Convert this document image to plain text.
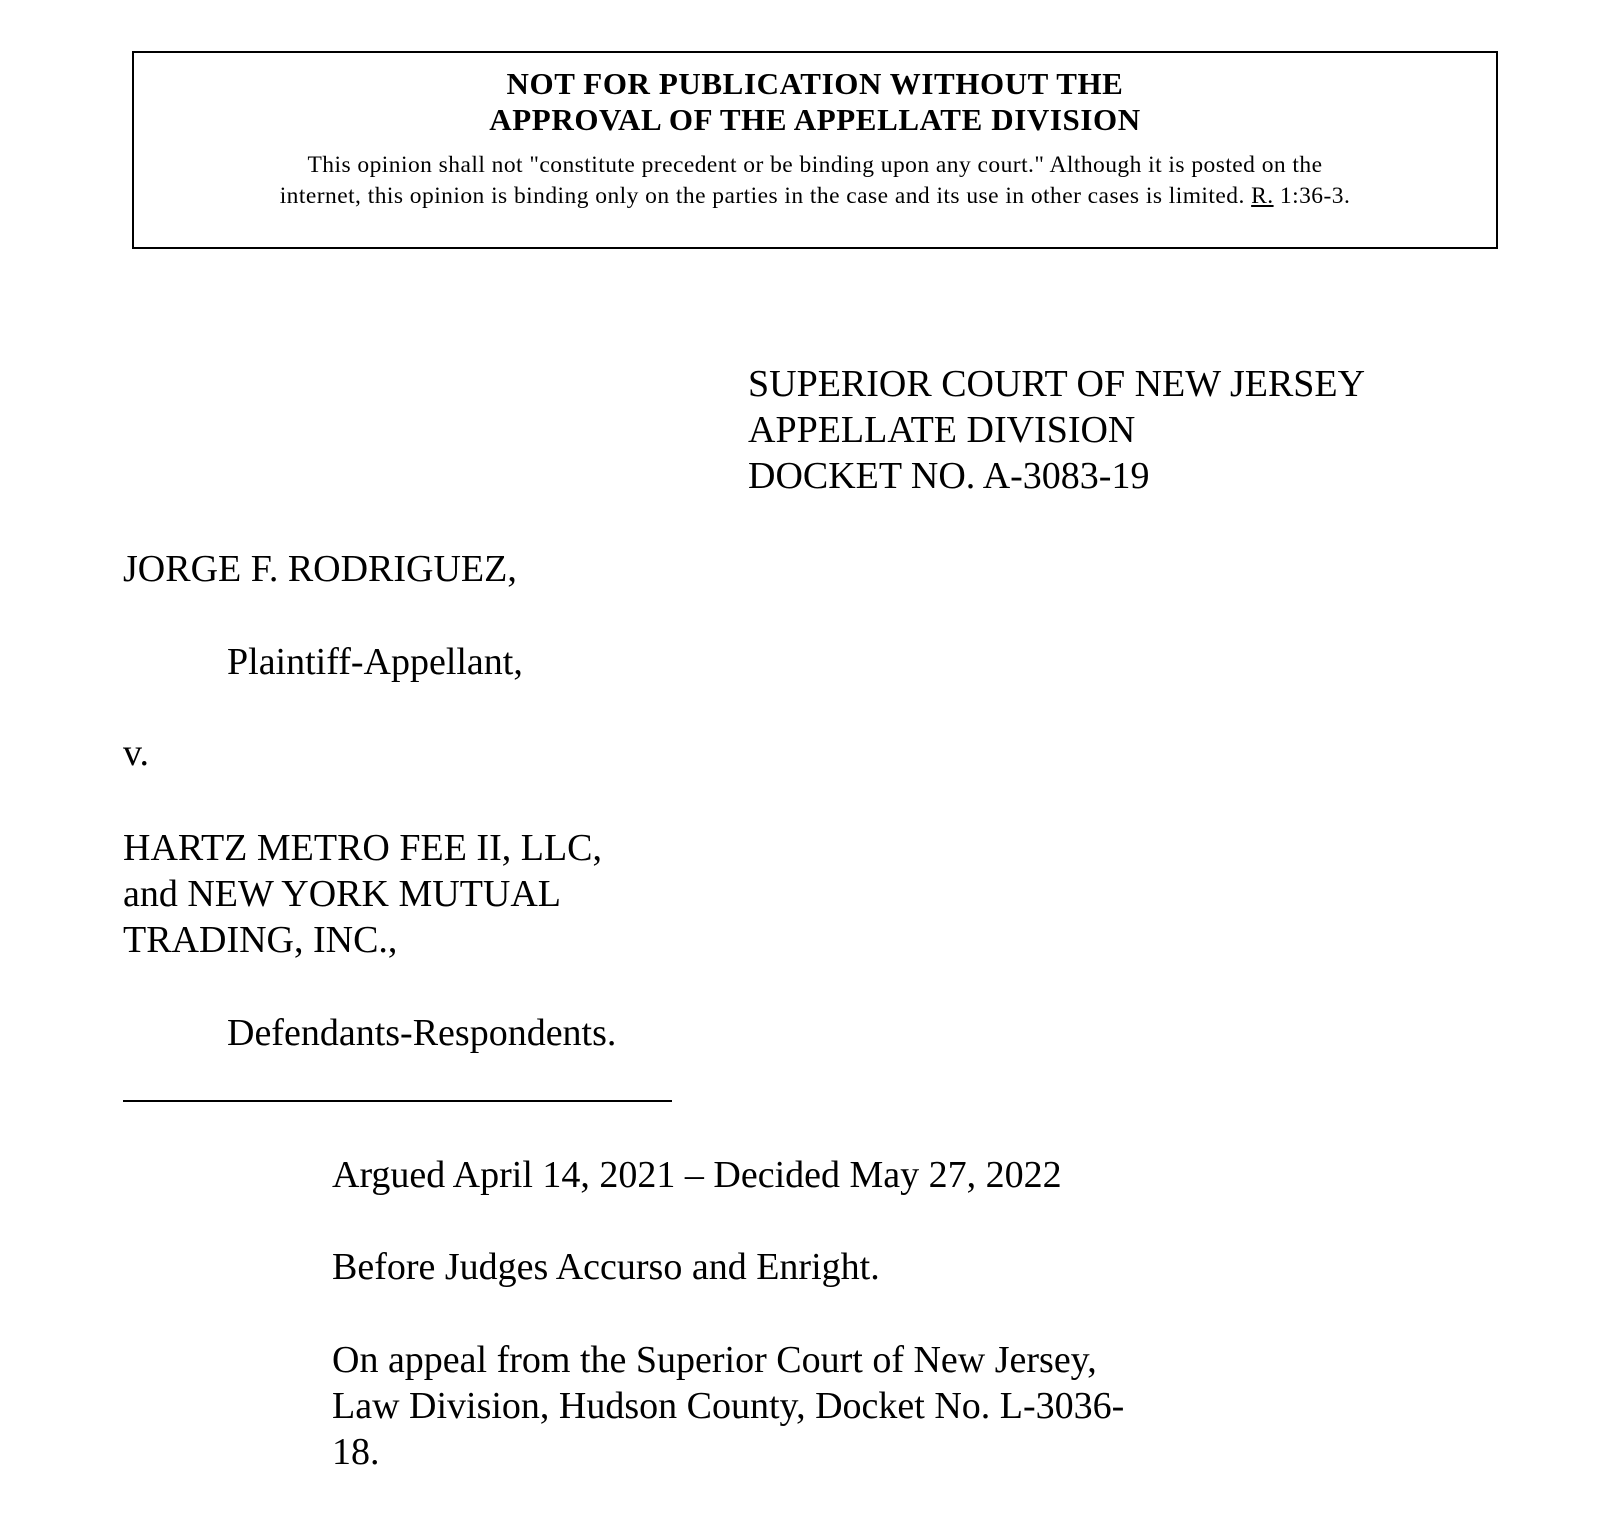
NOT FOR PUBLICATION WITHOUT THE
APPROVAL OF THE APPELLATE DIVISION
This opinion shall not "constitute precedent or be binding upon any court." Although it is posted on the
internet, this opinion is binding only on the parties in the case and its use in other cases is limited. R. 1:36-3.
SUPERIOR COURT OF NEW JERSEY
APPELLATE DIVISION
DOCKET NO. A-3083-19
JORGE F. RODRIGUEZ,
Plaintiff-Appellant,
v.
HARTZ METRO FEE II, LLC,
and NEW YORK MUTUAL
TRADING, INC.,
Defendants-Respondents.
Argued April 14, 2021 – Decided May 27, 2022
Before Judges Accurso and Enright.
On appeal from the Superior Court of New Jersey,
Law Division, Hudson County, Docket No. L-3036-
18.
